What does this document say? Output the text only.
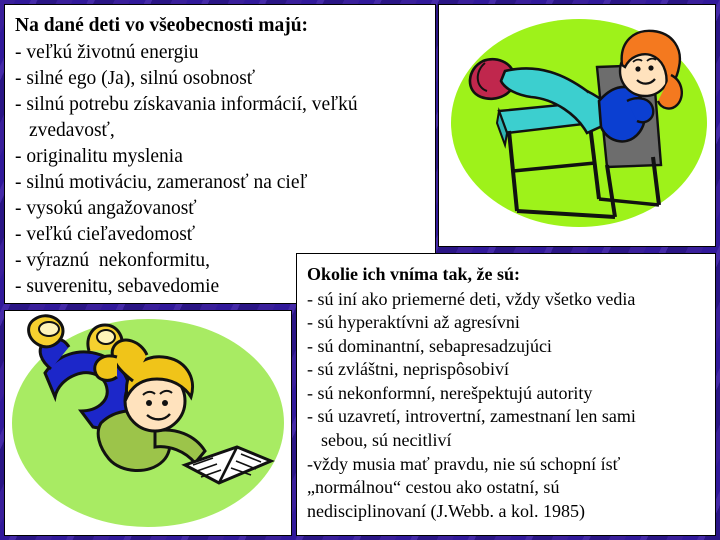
Na dané deti vo všeobecnosti majú:
- veľkú životnú energiu
- silné ego (Ja), silnú osobnosť
- silnú potrebu získavania informácií, veľkú
zvedavosť,
- originalitu myslenia
- silnú motiváciu, zameranosť na cieľ
- vysokú angažovanosť
- veľkú cieľavedomosť
- výraznú  nekonformitu,
- suverenitu, sebavedomie
Okolie ich vníma tak, že sú:
- sú iní ako priemerné deti, vždy všetko vedia
- sú hyperaktívni až agresívni
- sú dominantní, sebapresadzujúci
- sú zvláštni, neprispôsobiví
- sú nekonformní, nerešpektujú autority
- sú uzavretí, introvertní, zamestnaní len sami
sebou, sú necitliví
-vždy musia mať pravdu, nie sú schopní ísť
„normálnou“ cestou ako ostatní, sú
nedisciplinovaní (J.Webb. a kol. 1985)
